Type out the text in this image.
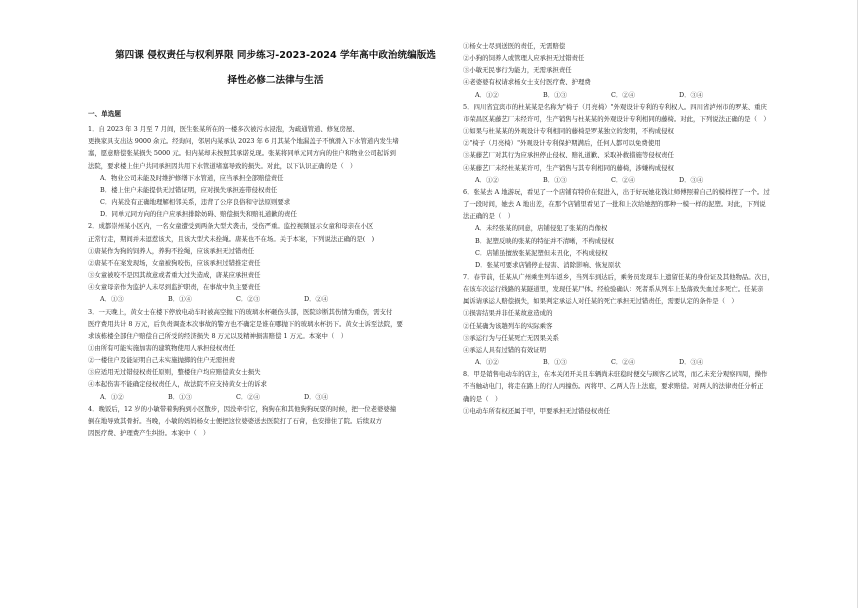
第四课 侵权责任与权利界限 同步练习-2023-2024 学年高中政治统编版选
择性必修二法律与生活
一、单选题
1．自 2023 年 3 月至 7 月间，医生张某所在的一楼多次被污水浸泡，为疏通管道、修复房屋、
更换家具支出达 9000 余元。经询问，邻居内某承认 2023 年 6 月其某个地漏盖子不慎滑入下水管道内发生堵
塞，愿意赔偿张某损失 5000 元。但内某却未按照其承诺兑现。张某将同单元同方向的住户和物业公司起诉到
法院，要求楼上住户共同承担因共用下水管道堵塞导致的损失。对此，以下认识正确的是（　）
A．物业公司未能及时维护修缮下水管道，应当承担全部赔偿责任
B．楼上住户未能提供无过错证明，应对损失承担连带侵权责任
C．内某没有正确地理解相邻关系，违背了公序良俗和守法原则要求
D．同单元同方向的住户应承担排除妨碍、赔偿损失和赔礼道歉的责任
2．成都崇州某小区内，一名女童遭受到两条大型犬袭击，受伤严重。监控视频显示女童和母亲在小区
正常行走，期间并未逗惹该犬，且该大型犬未拴绳。唐某也不在场。关于本案，下列说法正确的是(　)
①唐某作为狗的饲养人，养狗不拴绳，应该承担无过错责任
②唐某不在案发现场，女童被狗咬伤，应该承担过错推定责任
③女童被咬不是因其故意或者重大过失造成，唐某应承担责任
④女童母亲作为监护人未尽到监护职责，在事故中负主要责任
A．①③	B．①④	C．②③	D．②④
3．一天晚上，黄女士在楼下停放电动车时被高空抛下的玻璃水杯砸伤头部，医院诊断其伤情为重伤，需支付
医疗费用共计 8 万元，后负责调查本次事故的警方也不确定是谁在哪抛下的玻璃水杯扔下。黄女士诉至法院，要
求该栋楼全部住户赔偿自己所受的经济损失 8 万元以及精神损害赔偿 1 万元。本案中（　）
①由所有可能实施加害的建筑物使用人承担侵权责任
②一楼住户及能证明自己未实施抛掷的住户无需担责
③应适用无过错侵权责任原则，整楼住户均应赔偿黄女士损失
④本起伤害不能确定侵权责任人，故法院不应支持黄女士的诉求
A．①②	B．①③	C．②④	D．③④
4．晚饭后，12 岁的小敏带着狗狗到小区散步，因没牵引它，狗狗在和其他狗狗玩耍的时候，把一位老婆婆撞
倒在地导致其骨折。当晚，小敏的妈妈杨女士便把这位婆婆送去医院打了石膏，也安排住了院。后续双方
因医疗费、护理费产生纠纷。本案中（　）
①杨女士尽到送医的责任，无需赔偿
②小狗的饲养人或管理人应承担无过错责任
③小敏无民事行为能力，无需承担责任
④老婆婆有权请求杨女士支付医疗费、护理费
A．①②	B．①③	C．②④	D．③④
5．四川省宜宾市的杜某某是名称为"椅子（月亮椅）"外观设计专利的专利权人。四川省泸州市的罗某、重庆
市荣昌区某藤艺厂未经许可，生产销售与杜某某的外观设计专利相同的藤椅。对此，下列说法正确的是（　）
①如果与杜某某的外观设计专利相同的藤椅是罗某独立的发明，不构成侵权
②"椅子（月亮椅）"外观设计专利保护期满后，任何人都可以免费使用
③某藤艺厂对其行为应承担停止侵权、赔礼道歉、采取补救措施等侵权责任
④某藤艺厂未经杜某某许可，生产销售与其专利相同的藤椅，涉嫌构成侵权
A．①②	B．①③	C．②④	D．③④
6．张某去 A 地游玩，看见了一个店铺有特价在促进入，出于好玩她花钱让师傅照着自己的模样捏了一个。过
了一段时间，她去 A 地出差，在那个店铺里看见了一批和上次给她捏的那种一模一样的泥塑。对此，下列说
法正确的是（　）
A．未经张某的同意，店铺侵犯了张某的肖像权
B．泥塑反映的张某的特征并不清晰，不构成侵权
C．店铺虽擅放张某泥塑但未丑化，不构成侵权
D．张某可要求店铺停止侵害、消除影响、恢复原状
7．春节前，任某从广州乘坐列车返乡，当列车到达后，乘务员发现车上遗留任某的身份证及其他物品。次日，
在该车次运行线路的某隧道里，发现任某尸体。经检验确认：死者系从列车上坠落致失血过多死亡。任某亲
属诉请承运人赔偿损失，如果判定承运人对任某的死亡承担无过错责任，需要认定的条件是（　）
①损害结果并非任某故意造成的
②任某确为该趟列车的实际乘客
③承运行为与任某死亡无因果关系
④承运人具有过错的有效证明
A．①②	B．①③	C．②④	D．③④
8．甲是销售电动车的店主，在本关闭开关且车辆尚未驻稳时便交与顾客乙试驾，而乙未充分观察四周，操作
不当触动电门，将走在路上的行人丙撞伤。丙将甲、乙两人告上法庭，要求赔偿。对两人的法律责任分析正
确的是（　）
①电动车所有权还属于甲，甲要承担无过错侵权责任
